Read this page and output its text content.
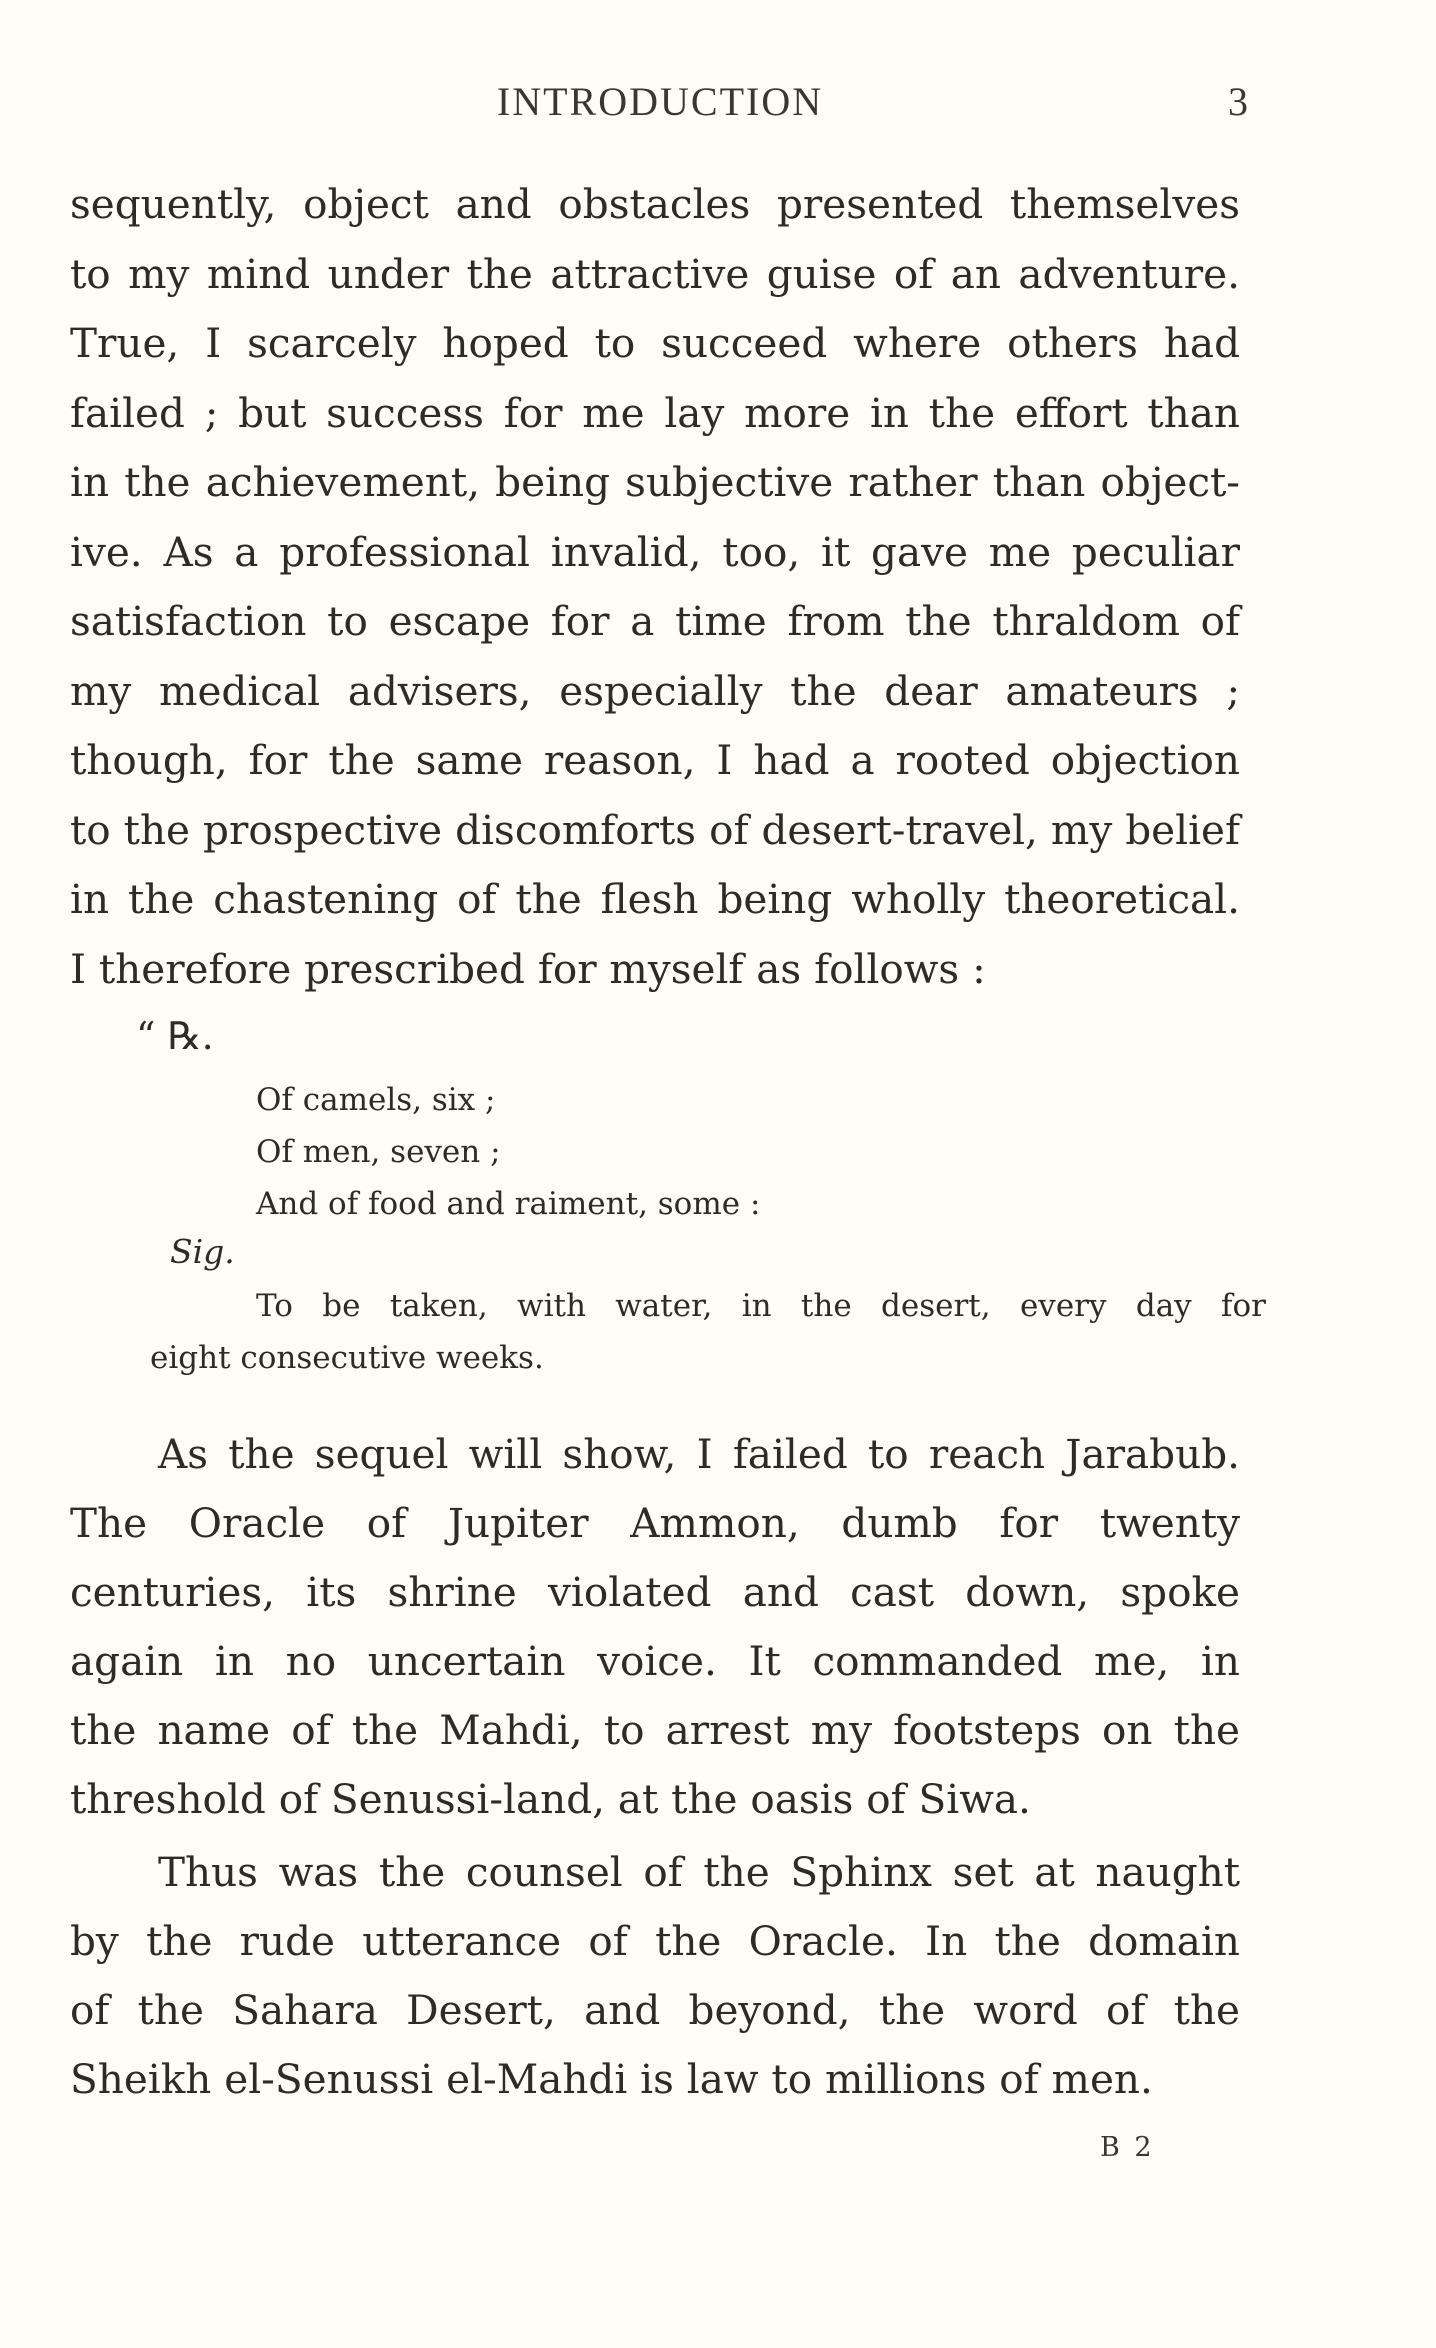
INTRODUCTION	3
sequently, object and obstacles presented themselves
to my mind under the attractive guise of an adventure.
True, I scarcely hoped to succeed where others had
failed ; but success for me lay more in the effort than
in the achievement, being subjective rather than object-
ive. As a professional invalid, too, it gave me peculiar
satisfaction to escape for a time from the thraldom of
my medical advisers, especially the dear amateurs ;
though, for the same reason, I had a rooted objection
to the prospective discomforts of desert-travel, my belief
in the chastening of the flesh being wholly theoretical.
I therefore prescribed for myself as follows :
“ ℞.
Of camels, six ;
Of men, seven ;
And of food and raiment, some :
Sig.
To be taken, with water, in the desert, every day for
eight consecutive weeks.
As the sequel will show, I failed to reach Jarabub.
The Oracle of Jupiter Ammon, dumb for twenty
centuries, its shrine violated and cast down, spoke
again in no uncertain voice. It commanded me, in
the name of the Mahdi, to arrest my footsteps on the
threshold of Senussi-land, at the oasis of Siwa.
Thus was the counsel of the Sphinx set at naught
by the rude utterance of the Oracle. In the domain
of the Sahara Desert, and beyond, the word of the
Sheikh el-Senussi el-Mahdi is law to millions of men.
B 2
